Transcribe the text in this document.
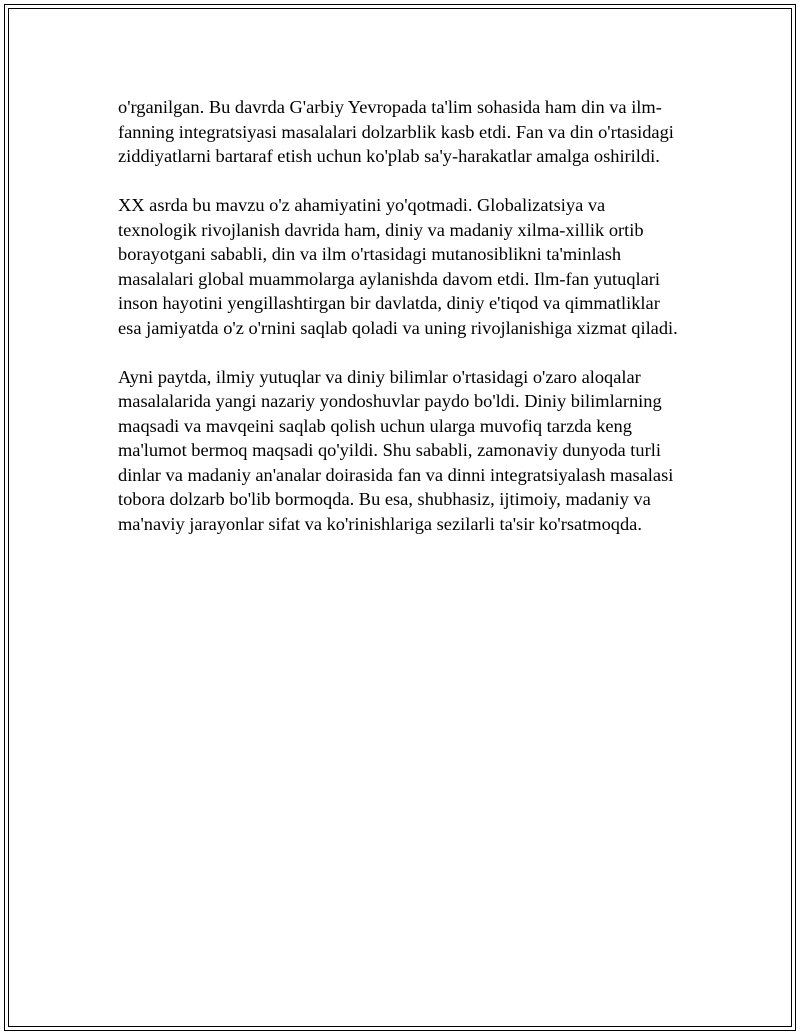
o'rganilgan. Bu davrda G'arbiy Yevropada ta'lim sohasida ham din va ilm-
fanning integratsiyasi masalalari dolzarblik kasb etdi. Fan va din o'rtasidagi
ziddiyatlarni bartaraf etish uchun ko'plab sa'y-harakatlar amalga oshirildi.

XX asrda bu mavzu o'z ahamiyatini yo'qotmadi. Globalizatsiya va
texnologik rivojlanish davrida ham, diniy va madaniy xilma-xillik ortib
borayotgani sababli, din va ilm o'rtasidagi mutanosiblikni ta'minlash
masalalari global muammolarga aylanishda davom etdi. Ilm-fan yutuqlari
inson hayotini yengillashtirgan bir davlatda, diniy e'tiqod va qimmatliklar
esa jamiyatda o'z o'rnini saqlab qoladi va uning rivojlanishiga xizmat qiladi.

Ayni paytda, ilmiy yutuqlar va diniy bilimlar o'rtasidagi o'zaro aloqalar
masalalarida yangi nazariy yondoshuvlar paydo bo'ldi. Diniy bilimlarning
maqsadi va mavqeini saqlab qolish uchun ularga muvofiq tarzda keng
ma'lumot bermoq maqsadi qo'yildi. Shu sababli, zamonaviy dunyoda turli
dinlar va madaniy an'analar doirasida fan va dinni integratsiyalash masalasi
tobora dolzarb bo'lib bormoqda. Bu esa, shubhasiz, ijtimoiy, madaniy va
ma'naviy jarayonlar sifat va ko'rinishlariga sezilarli ta'sir ko'rsatmoqda.
